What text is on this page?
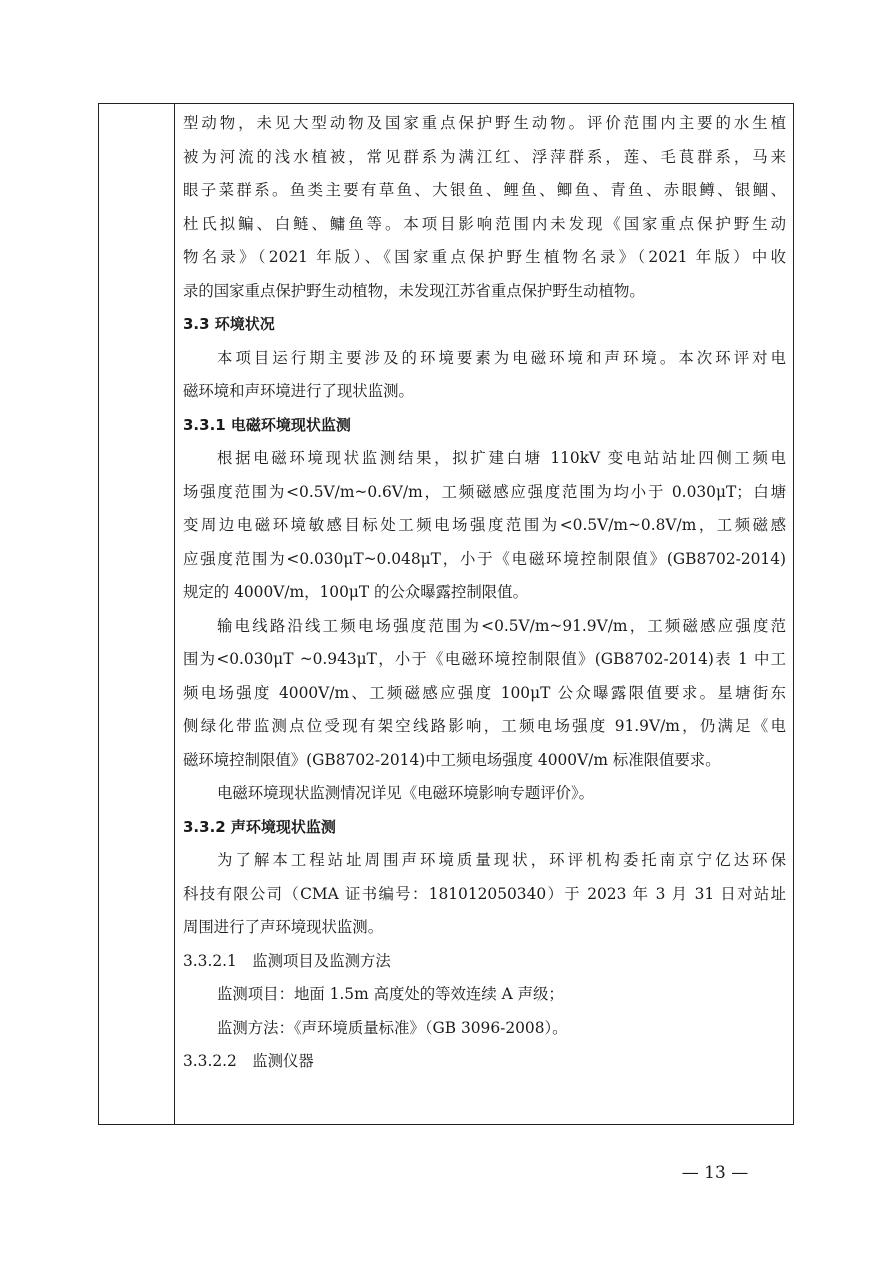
型动物，未见大型动物及国家重点保护野生动物。评价范围内主要的水生植
被为河流的浅水植被，常见群系为满江红、浮萍群系，莲、毛茛群系，马来
眼子菜群系。鱼类主要有草鱼、大银鱼、鲤鱼、鲫鱼、青鱼、赤眼鳟、银鲴、
杜氏拟鳊、白鲢、鳙鱼等。本项目影响范围内未发现《国家重点保护野生动
物名录》（2021 年版）、《国家重点保护野生植物名录》（2021 年版）中收
录的国家重点保护野生动植物，未发现江苏省重点保护野生动植物。
3.3 环境状况
本项目运行期主要涉及的环境要素为电磁环境和声环境。本次环评对电
磁环境和声环境进行了现状监测。
3.3.1 电磁环境现状监测
根据电磁环境现状监测结果，拟扩建白塘 110kV 变电站站址四侧工频电
场强度范围为<0.5V/m~0.6V/m，工频磁感应强度范围为均小于 0.030μT；白塘
变周边电磁环境敏感目标处工频电场强度范围为<0.5V/m~0.8V/m，工频磁感
应强度范围为<0.030μT~0.048μT，小于《电磁环境控制限值》(GB8702-2014)
规定的 4000V/m，100μT 的公众曝露控制限值。
输电线路沿线工频电场强度范围为<0.5V/m~91.9V/m，工频磁感应强度范
围为<0.030μT ~0.943μT，小于《电磁环境控制限值》(GB8702-2014)表 1 中工
频电场强度 4000V/m、工频磁感应强度 100μT 公众曝露限值要求。星塘街东
侧绿化带监测点位受现有架空线路影响，工频电场强度 91.9V/m，仍满足《电
磁环境控制限值》(GB8702-2014)中工频电场强度 4000V/m 标准限值要求。
电磁环境现状监测情况详见《电磁环境影响专题评价》。
3.3.2 声环境现状监测
为了解本工程站址周围声环境质量现状，环评机构委托南京宁亿达环保
科技有限公司（CMA 证书编号：181012050340）于 2023 年 3 月 31 日对站址
周围进行了声环境现状监测。
3.3.2.1　监测项目及监测方法
监测项目：地面 1.5m 高度处的等效连续 A 声级；
监测方法：《声环境质量标准》（GB 3096-2008）。
3.3.2.2　监测仪器
— 13 —
